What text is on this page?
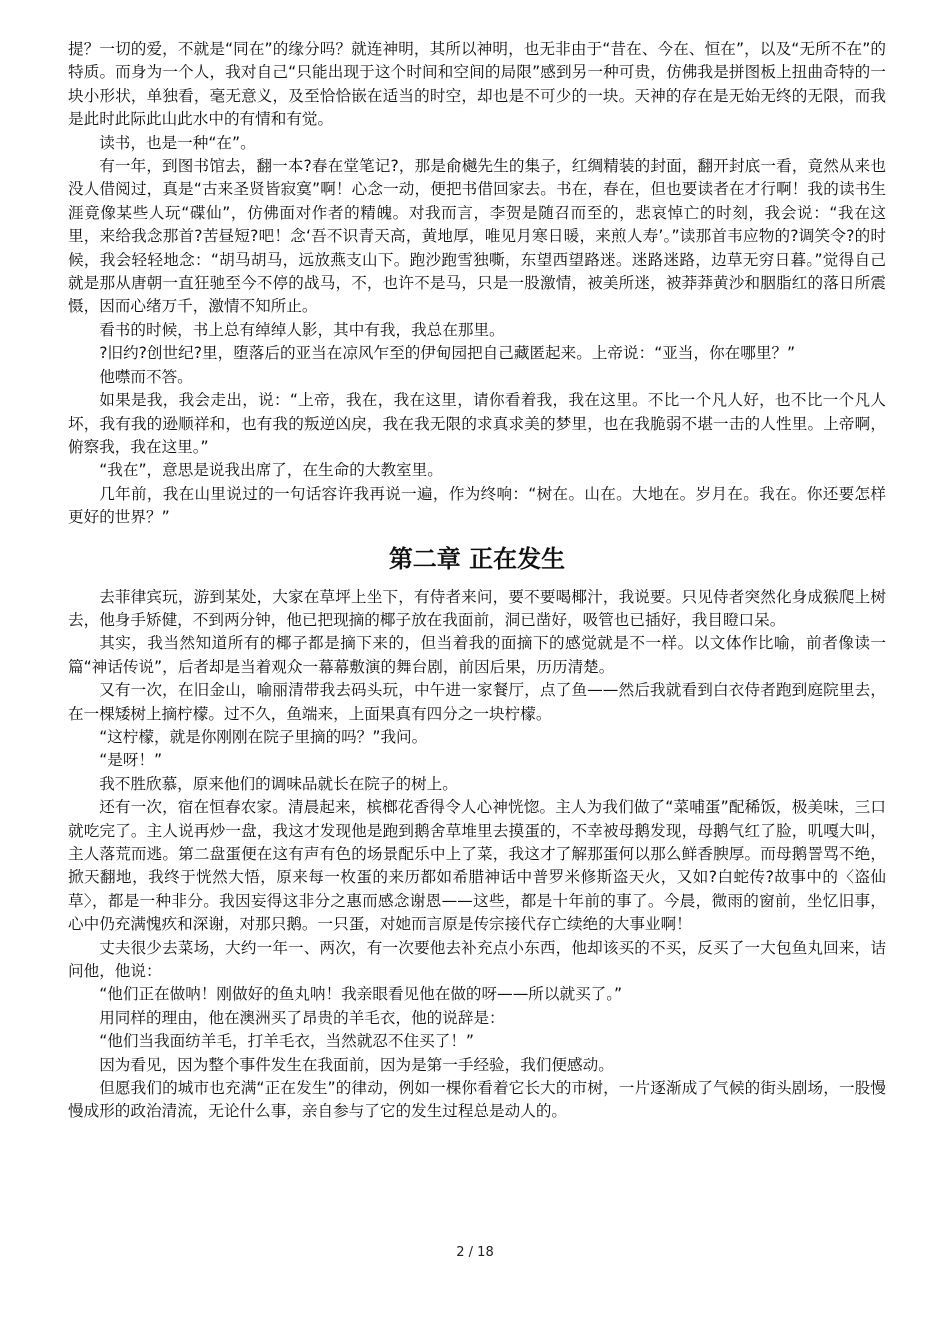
提？一切的爱，不就是“同在”的缘分吗？就连神明，其所以神明，也无非由于“昔在、今在、恒在”，以及“无所不在”的特质。而身为一个人，我对自己“只能出现于这个时间和空间的局限”感到另一种可贵，仿佛我是拼图板上扭曲奇特的一块小形状，单独看，毫无意义，及至恰恰嵌在适当的时空，却也是不可少的一块。天神的存在是无始无终的无限，而我是此时此际此山此水中的有情和有觉。

读书，也是一种“在”。

有一年，到图书馆去，翻一本?春在堂笔记?，那是俞樾先生的集子，红绸精装的封面，翻开封底一看，竟然从来也没人借阅过，真是“古来圣贤皆寂寞”啊！心念一动，便把书借回家去。书在，春在，但也要读者在才行啊！我的读书生涯竟像某些人玩“碟仙”，仿佛面对作者的精魄。对我而言，李贺是随召而至的，悲哀悼亡的时刻，我会说：“我在这里，来给我念那首?苦昼短?吧！念‘吾不识青天高，黄地厚，唯见月寒日暖，来煎人寿’。”读那首韦应物的?调笑令?的时候，我会轻轻地念：“胡马胡马，远放燕支山下。跑沙跑雪独嘶，东望西望路迷。迷路迷路，边草无穷日暮。”觉得自己就是那从唐朝一直狂驰至今不停的战马，不，也许不是马，只是一股激情，被美所迷，被莽莽黄沙和胭脂红的落日所震慑，因而心绪万千，激情不知所止。

看书的时候，书上总有绰绰人影，其中有我，我总在那里。

?旧约?创世纪?里，堕落后的亚当在凉风乍至的伊甸园把自己藏匿起来。上帝说：“亚当，你在哪里？”

他噤而不答。

如果是我，我会走出，说：“上帝，我在，我在这里，请你看着我，我在这里。不比一个凡人好，也不比一个凡人坏，我有我的逊顺祥和，也有我的叛逆凶戾，我在我无限的求真求美的梦里，也在我脆弱不堪一击的人性里。上帝啊，俯察我，我在这里。”

“我在”，意思是说我出席了，在生命的大教室里。

几年前，我在山里说过的一句话容许我再说一遍，作为终响：“树在。山在。大地在。岁月在。我在。你还要怎样更好的世界？”

第二章 正在发生

去菲律宾玩，游到某处，大家在草坪上坐下，有侍者来问，要不要喝椰汁，我说要。只见侍者突然化身成猴爬上树去，他身手矫健，不到两分钟，他已把现摘的椰子放在我面前，洞已凿好，吸管也已插好，我目瞪口呆。

其实，我当然知道所有的椰子都是摘下来的，但当着我的面摘下的感觉就是不一样。以文体作比喻，前者像读一篇“神话传说”，后者却是当着观众一幕幕敷演的舞台剧，前因后果，历历清楚。

又有一次，在旧金山，喻丽清带我去码头玩，中午进一家餐厅，点了鱼——然后我就看到白衣侍者跑到庭院里去，在一棵矮树上摘柠檬。过不久，鱼端来，上面果真有四分之一块柠檬。

“这柠檬，就是你刚刚在院子里摘的吗？”我问。

“是呀！”

我不胜欣慕，原来他们的调味品就长在院子的树上。

还有一次，宿在恒春农家。清晨起来，槟榔花香得令人心神恍惚。主人为我们做了“菜哺蛋”配稀饭，极美味，三口就吃完了。主人说再炒一盘，我这才发现他是跑到鹅舍草堆里去摸蛋的，不幸被母鹅发现，母鹅气红了脸，叽嘎大叫，主人落荒而逃。第二盘蛋便在这有声有色的场景配乐中上了菜，我这才了解那蛋何以那么鲜香腴厚。而母鹅詈骂不绝，掀天翻地，我终于恍然大悟，原来每一枚蛋的来历都如希腊神话中普罗米修斯盗天火，又如?白蛇传?故事中的〈盗仙草〉，都是一种非分。我因妄得这非分之惠而感念谢恩——这些，都是十年前的事了。今晨，微雨的窗前，坐忆旧事，心中仍充满愧疚和深谢，对那只鹅。一只蛋，对她而言原是传宗接代存亡续绝的大事业啊！

丈夫很少去菜场，大约一年一、两次，有一次要他去补充点小东西，他却该买的不买，反买了一大包鱼丸回来，诘问他，他说：

“他们正在做呐！刚做好的鱼丸呐！我亲眼看见他在做的呀——所以就买了。”

用同样的理由，他在澳洲买了昂贵的羊毛衣，他的说辞是：

“他们当我面纺羊毛，打羊毛衣，当然就忍不住买了！”

因为看见，因为整个事件发生在我面前，因为是第一手经验，我们便感动。

但愿我们的城市也充满“正在发生”的律动，例如一棵你看着它长大的市树，一片逐渐成了气候的街头剧场，一股慢慢成形的政治清流，无论什么事，亲自参与了它的发生过程总是动人的。

2 / 18
